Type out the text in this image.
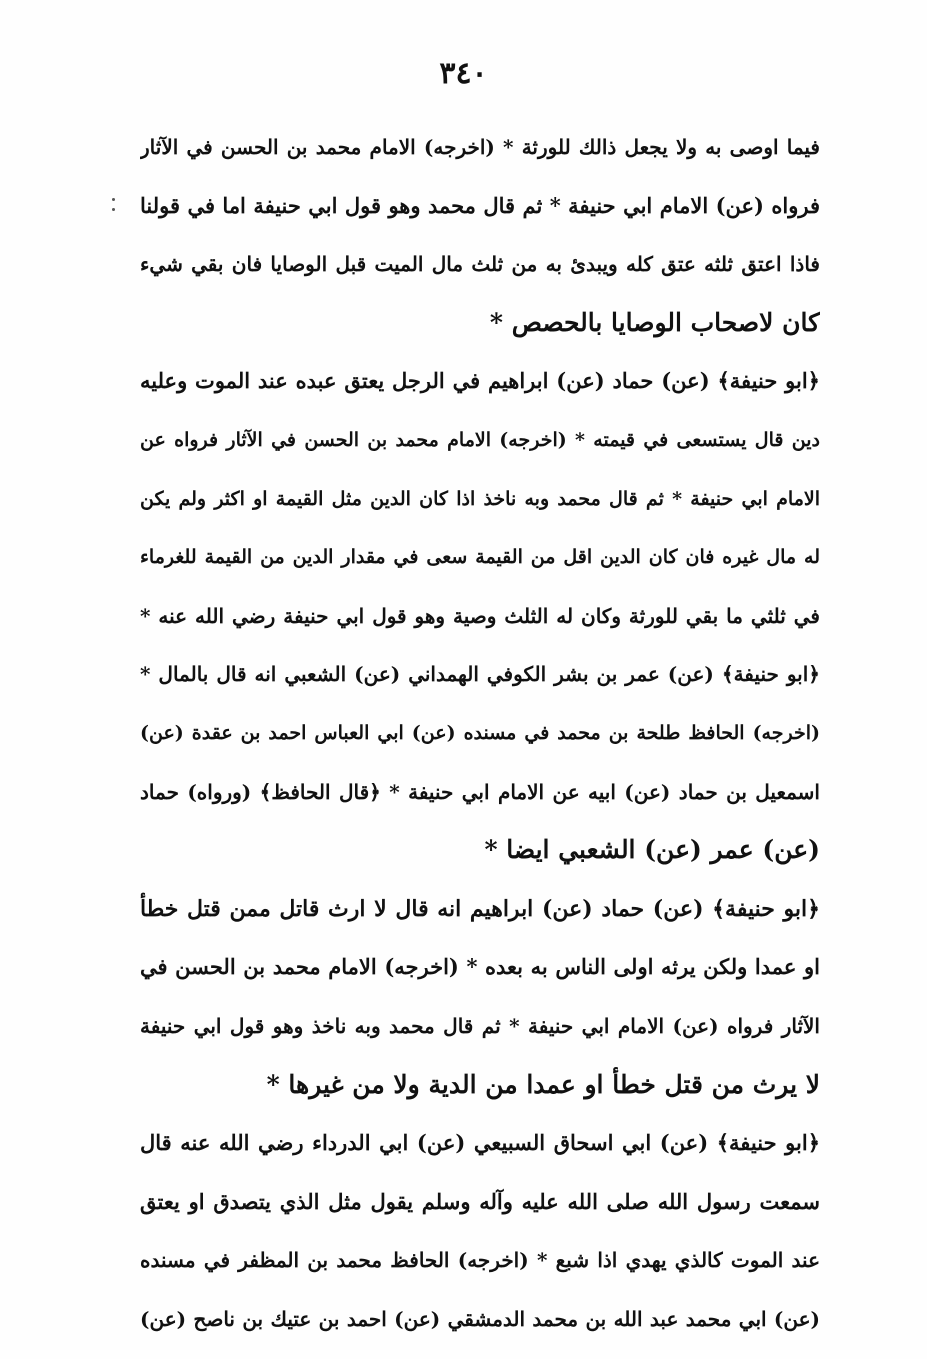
٣٤٠
فيما اوصى به ولا يجعل ذالك للورثة * (اخرجه) الامام محمد بن الحسن في الآثار
فرواه (عن) الامام ابي حنيفة * ثم قال محمد وهو قول ابي حنيفة اما في قولنا
فاذا اعتق ثلثه عتق كله ويبدئ به من ثلث مال الميت قبل الوصايا فان بقي شيء
كان لاصحاب الوصايا بالحصص *
﴿ابو حنيفة﴾ (عن) حماد (عن) ابراهيم في الرجل يعتق عبده عند الموت وعليه
دين قال يستسعى في قيمته * (اخرجه) الامام محمد بن الحسن في الآثار فرواه عن
الامام ابي حنيفة * ثم قال محمد وبه ناخذ اذا كان الدين مثل القيمة او اكثر ولم يكن
له مال غيره فان كان الدين اقل من القيمة سعى في مقدار الدين من القيمة للغرماء
في ثلثي ما بقي للورثة وكان له الثلث وصية وهو قول ابي حنيفة رضي الله عنه *
﴿ابو حنيفة﴾ (عن) عمر بن بشر الكوفي الهمداني (عن) الشعبي انه قال بالمال *
(اخرجه) الحافظ طلحة بن محمد في مسنده (عن) ابي العباس احمد بن عقدة (عن)
اسمعيل بن حماد (عن) ابيه عن الامام ابي حنيفة * ﴿قال الحافظ﴾ (ورواه) حماد
(عن) عمر (عن) الشعبي ايضا *
﴿ابو حنيفة﴾ (عن) حماد (عن) ابراهيم انه قال لا ارث قاتل ممن قتل خطأ
او عمدا ولكن يرثه اولى الناس به بعده * (اخرجه) الامام محمد بن الحسن في
الآثار فرواه (عن) الامام ابي حنيفة * ثم قال محمد وبه ناخذ وهو قول ابي حنيفة
لا يرث من قتل خطأ او عمدا من الدية ولا من غيرها *
﴿ابو حنيفة﴾ (عن) ابي اسحاق السبيعي (عن) ابي الدرداء رضي الله عنه قال
سمعت رسول الله صلى الله عليه وآله وسلم يقول مثل الذي يتصدق او يعتق
عند الموت كالذي يهدي اذا شبع * (اخرجه) الحافظ محمد بن المظفر في مسنده
(عن) ابي محمد عبد الله بن محمد الدمشقي (عن) احمد بن عتيك بن ناصح (عن)
